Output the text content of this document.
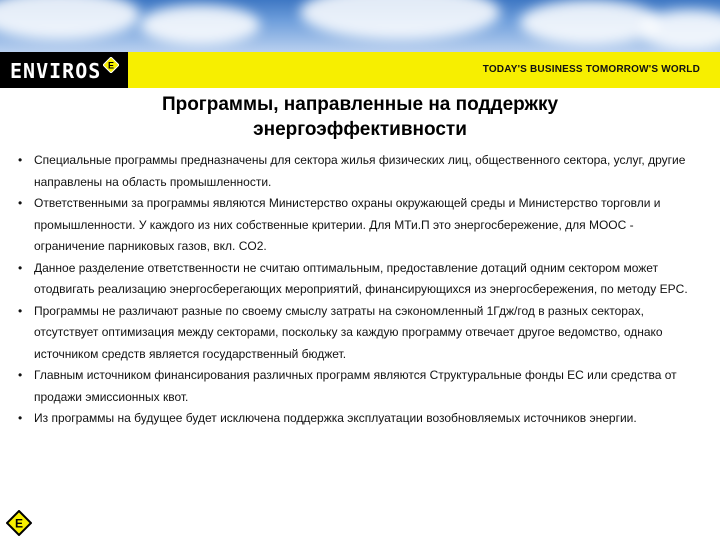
ENVIROS E	TODAY'S BUSINESS TOMORROW'S WORLD
Программы, направленные на поддержку
энергоэффективности
• Специальные программы предназначены для сектора жилья физических лиц, общественного сектора, услуг, другие направлены на область промышленности.
• Ответственными за программы являются Министерство охраны окружающей среды и Министерство торговли и промышленности. У каждого из них собственные критерии. Для МТи.П это энергосбережение, для МООС - ограничение парниковых газов, вкл. CO2.
• Данное разделение ответственности не считаю оптимальным, предоставление дотаций одним сектором может отодвигать реализацию энергосберегающих мероприятий, финансирующихся из энергосбережения, по методу EPC.
• Программы не различают разные по своему смыслу затраты на сэкономленный 1Гдж/год в разных секторах, отсутствует оптимизация между секторами, поскольку за каждую программу отвечает другое ведомство, однако источником средств является государственный бюджет.
• Главным источником финансирования различных программ являются Структуральные фонды ЕС или средства от продажи эмиссионных квот.
• Из программы на будущее будет исключена поддержка эксплуатации возобновляемых источников энергии.
E
